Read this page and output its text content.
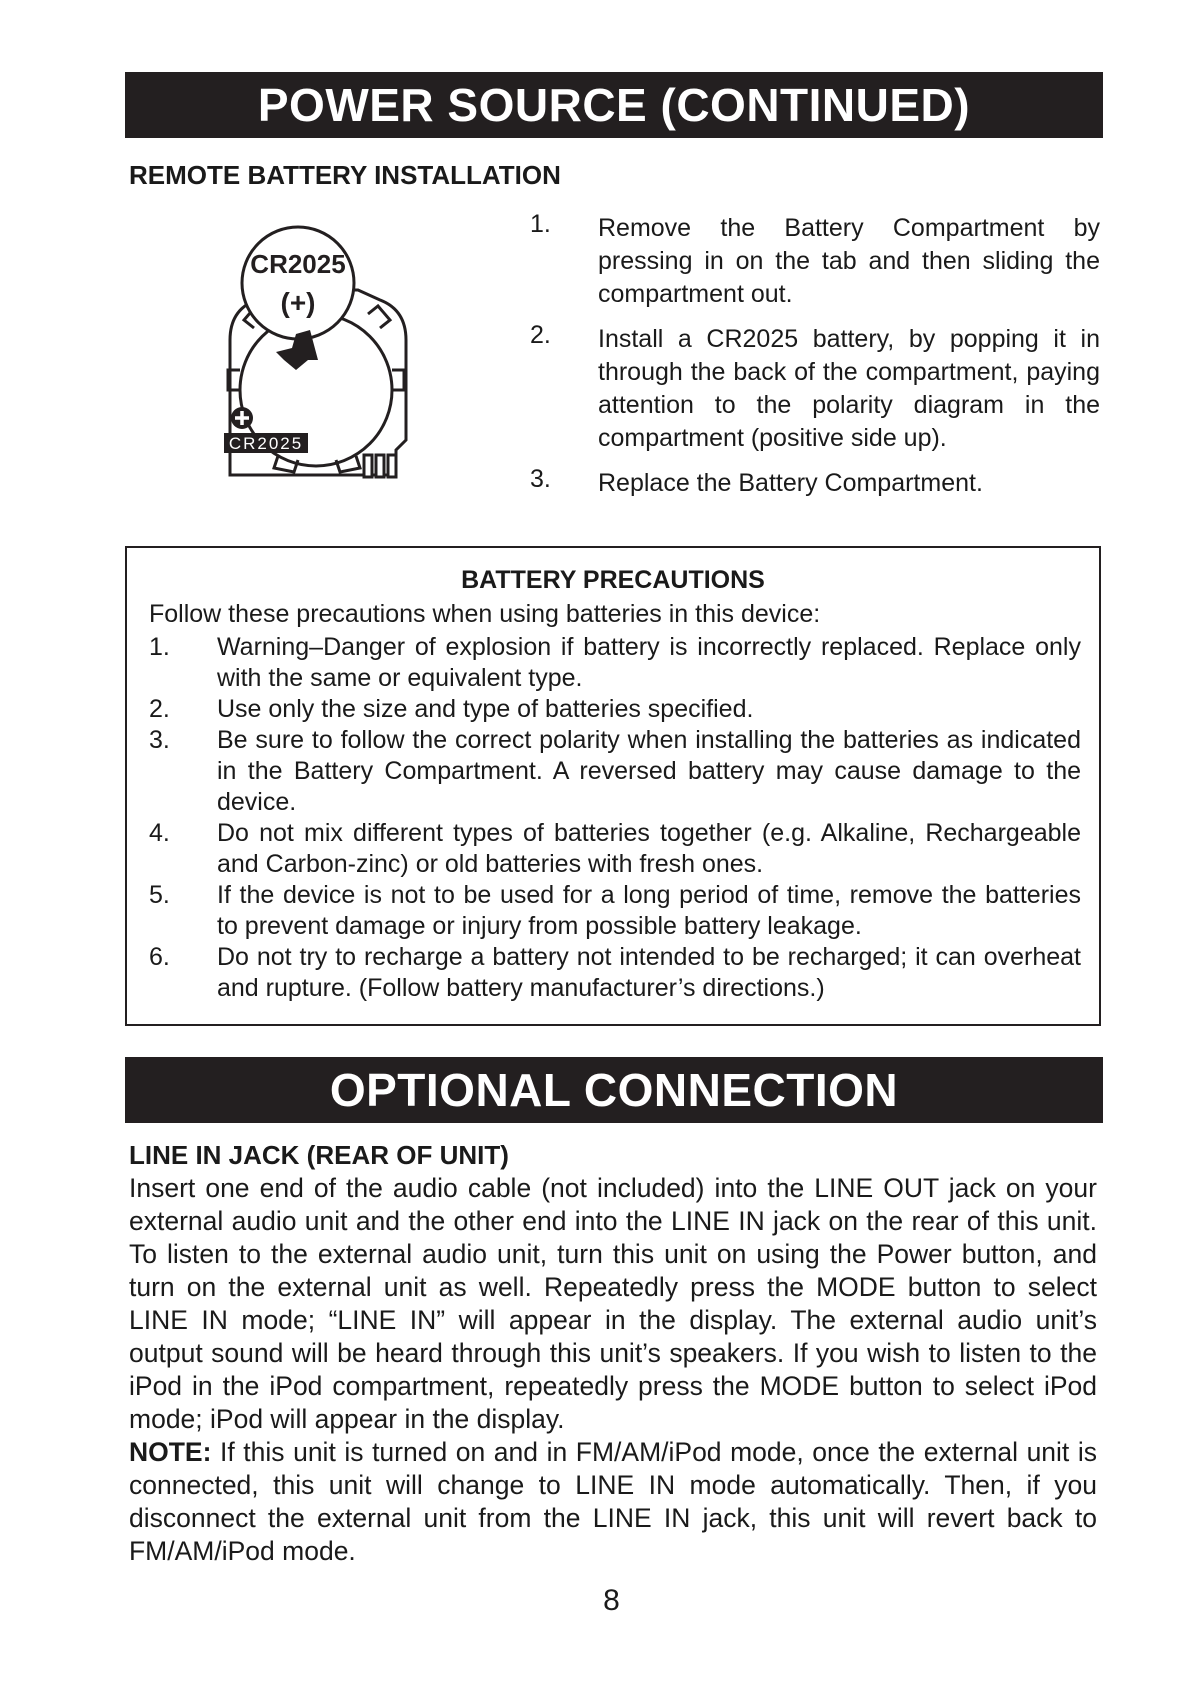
POWER SOURCE (CONTINUED)
REMOTE BATTERY INSTALLATION
CR2025
(+)
CR2025
1. Remove the Battery Compartment by pressing in on the tab and then sliding the compartment out.
2. Install a CR2025 battery, by popping it in through the back of the compartment, paying attention to the polarity diagram in the compartment (positive side up).
3. Replace the Battery Compartment.
BATTERY PRECAUTIONS
Follow these precautions when using batteries in this device:
1. Warning–Danger of explosion if battery is incorrectly replaced. Replace only with the same or equivalent type.
2. Use only the size and type of batteries specified.
3. Be sure to follow the correct polarity when installing the batteries as indicated in the Battery Compartment. A reversed battery may cause damage to the device.
4. Do not mix different types of batteries together (e.g. Alkaline, Rechargeable and Carbon-zinc) or old batteries with fresh ones.
5. If the device is not to be used for a long period of time, remove the batteries to prevent damage or injury from possible battery leakage.
6. Do not try to recharge a battery not intended to be recharged; it can overheat and rupture. (Follow battery manufacturer’s directions.)
OPTIONAL CONNECTION
LINE IN JACK (REAR OF UNIT)

Insert one end of the audio cable (not included) into the LINE OUT jack on your external audio unit and the other end into the LINE IN jack on the rear of this unit. To listen to the external audio unit, turn this unit on using the Power button, and turn on the external unit as well. Repeatedly press the MODE button to select LINE IN mode; “LINE IN” will appear in the display. The external audio unit’s output sound will be heard through this unit’s speakers. If you wish to listen to the iPod in the iPod compartment, repeatedly press the MODE button to select iPod mode; iPod will appear in the display.

NOTE: If this unit is turned on and in FM/AM/iPod mode, once the external unit is connected, this unit will change to LINE IN mode automatically. Then, if you disconnect the external unit from the LINE IN jack, this unit will revert back to FM/AM/iPod mode.

8
